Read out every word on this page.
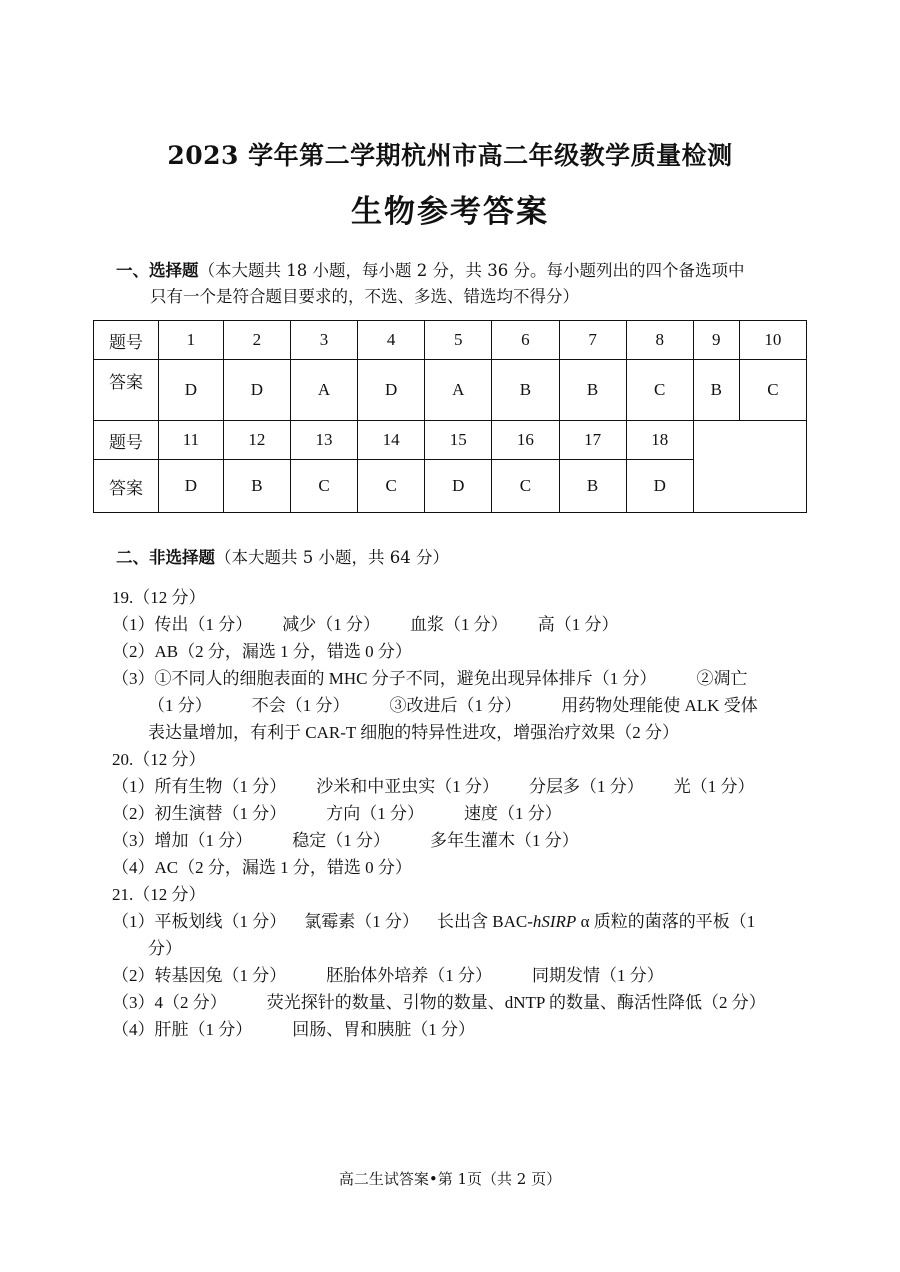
2023 学年第二学期杭州市高二年级教学质量检测
生物参考答案
一、选择题（本大题共 18 小题，每小题 2 分，共 36 分。每小题列出的四个备选项中
只有一个是符合题目要求的，不选、多选、错选均不得分）
题号	1	2	3	4	5	6	7	8	9	10
答案	D	D	A	D	A	B	B	C	B	C
题号	11	12	13	14	15	16	17	18		
答案	D	B	C	C	D	C	B	D		
二、非选择题（本大题共 5 小题，共 64 分）
19.（12 分）
（1）传出（1 分） 减少（1 分） 血浆（1 分） 高（1 分）
（2）AB（2 分，漏选 1 分，错选 0 分）
（3）①不同人的细胞表面的 MHC 分子不同，避免出现异体排斥（1 分） ②凋亡
（1 分） 不会（1 分） ③改进后（1 分） 用药物处理能使 ALK 受体
表达量增加，有利于 CAR-T 细胞的特异性进攻，增强治疗效果（2 分）
20.（12 分）
（1）所有生物（1 分） 沙米和中亚虫实（1 分） 分层多（1 分） 光（1 分）
（2）初生演替（1 分） 方向（1 分） 速度（1 分）
（3）增加（1 分） 稳定（1 分） 多年生灌木（1 分）
（4）AC（2 分，漏选 1 分，错选 0 分）
21.（12 分）
（1）平板划线（1 分） 氯霉素（1 分） 长出含 BAC-hSIRP α 质粒的菌落的平板（1
分）
（2）转基因兔（1 分） 胚胎体外培养（1 分） 同期发情（1 分）
（3）4（2 分） 荧光探针的数量、引物的数量、dNTP 的数量、酶活性降低（2 分）
（4）肝脏（1 分） 回肠、胃和胰脏（1 分）
高二生试答案•第 1页（共 2 页）
